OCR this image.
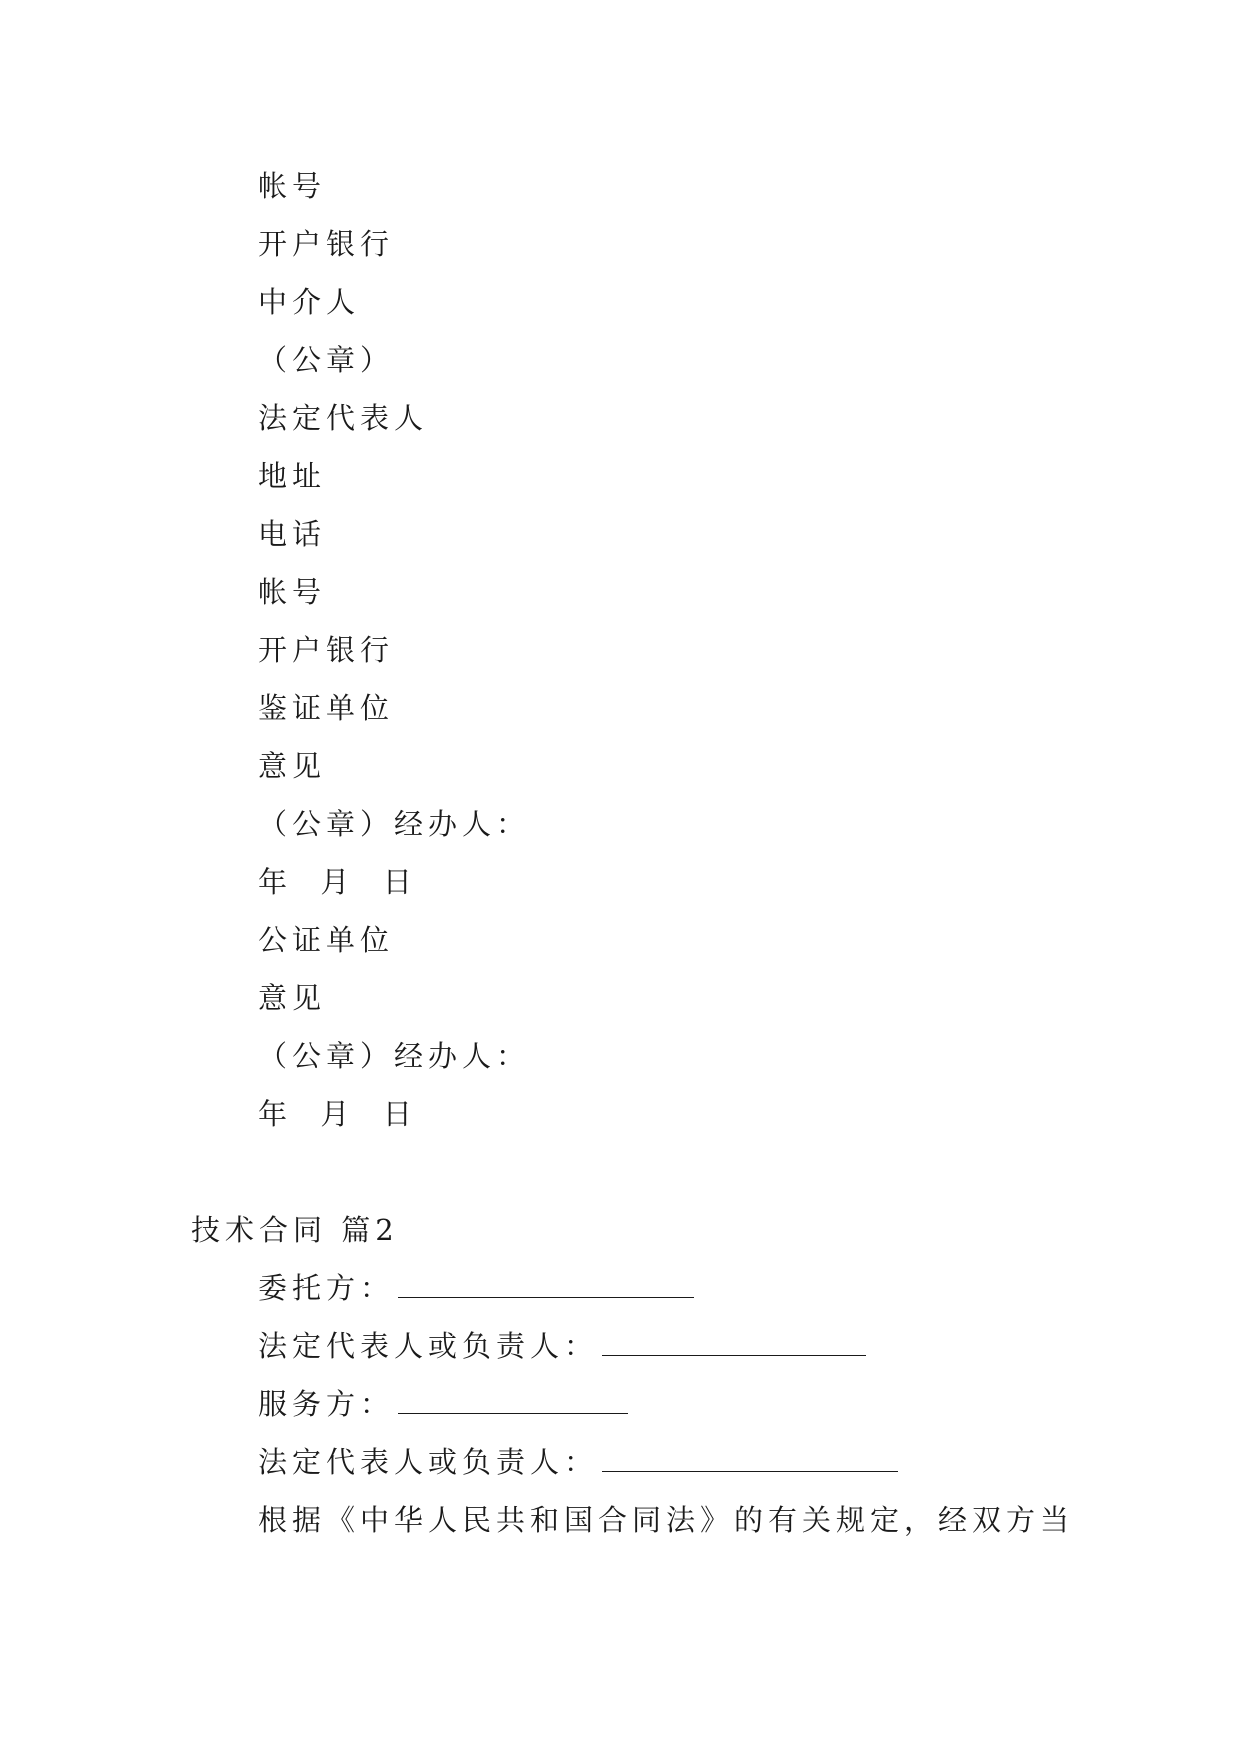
帐号
开户银行
中介人
（公章）
法定代表人
地址
电话
帐号
开户银行
鉴证单位
意见
（公章）经办人：
年  月  日
公证单位
意见
（公章）经办人：
年  月  日
技术合同 篇2
委托方：
法定代表人或负责人：
服务方：
法定代表人或负责人：
根据《中华人民共和国合同法》的有关规定，经双方当
